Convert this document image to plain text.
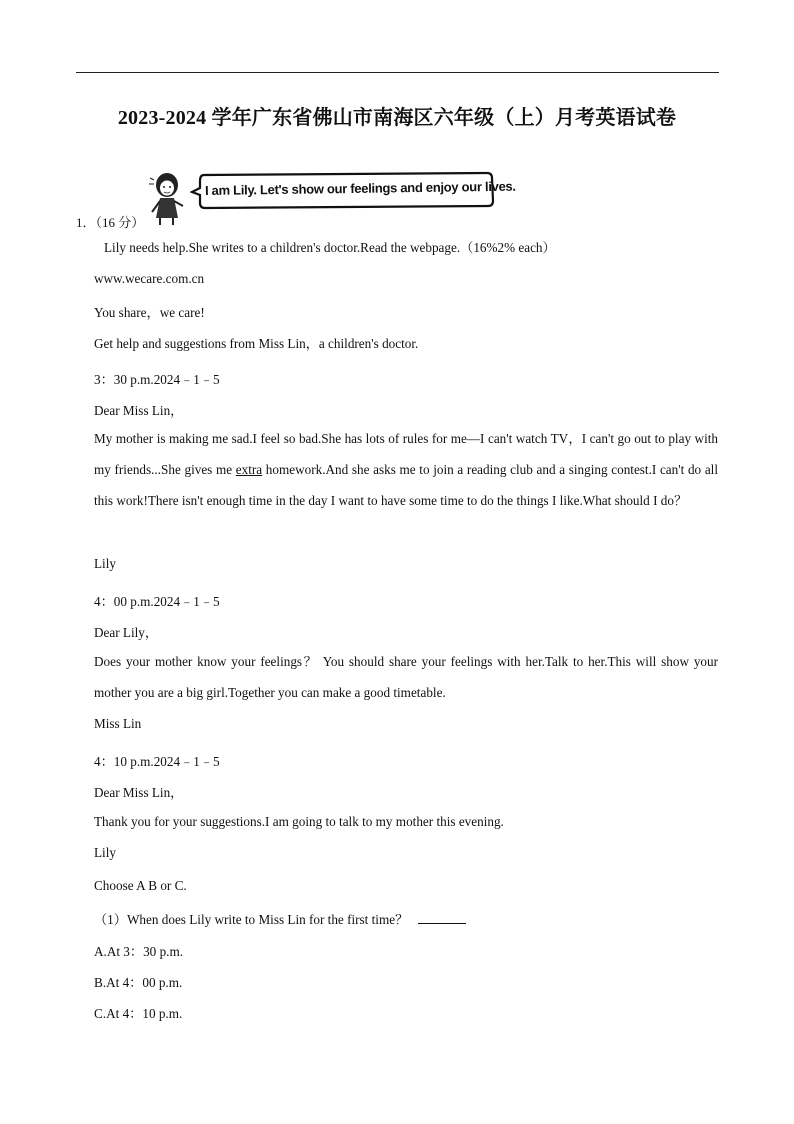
2023-2024 学年广东省佛山市南海区六年级（上）月考英语试卷
I am Lily. Let's show our feelings and enjoy our lives.
1．（16 分）
Lily needs help.She writes to a children's doctor.Read the webpage.（16%2% each）
www.wecare.com.cn
You share，we care!
Get help and suggestions from Miss Lin，a children's doctor.
3：30 p.m.2024﹣1﹣5
Dear Miss Lin，

My mother is making me sad.I feel so bad.She has lots of rules for me—I can't watch TV，I can't go out to play with my friends...She gives me extra homework.And she asks me to join a reading club and a singing contest.I can't do all this work!There isn't enough time in the day I want to have some time to do the things I like.What should I do？

Lily
4：00 p.m.2024﹣1﹣5
Dear Lily，
Does your mother know your feelings？ You should share your feelings with her.Talk to her.This will show your mother you are a big girl.Together you can make a good timetable.
Miss Lin
4：10 p.m.2024﹣1﹣5
Dear Miss Lin，
Thank you for your suggestions.I am going to talk to my mother this evening.
Lily
Choose A B or C.
（1）When does Lily write to Miss Lin for the first time？
A.At 3：30 p.m.
B.At 4：00 p.m.
C.At 4：10 p.m.
